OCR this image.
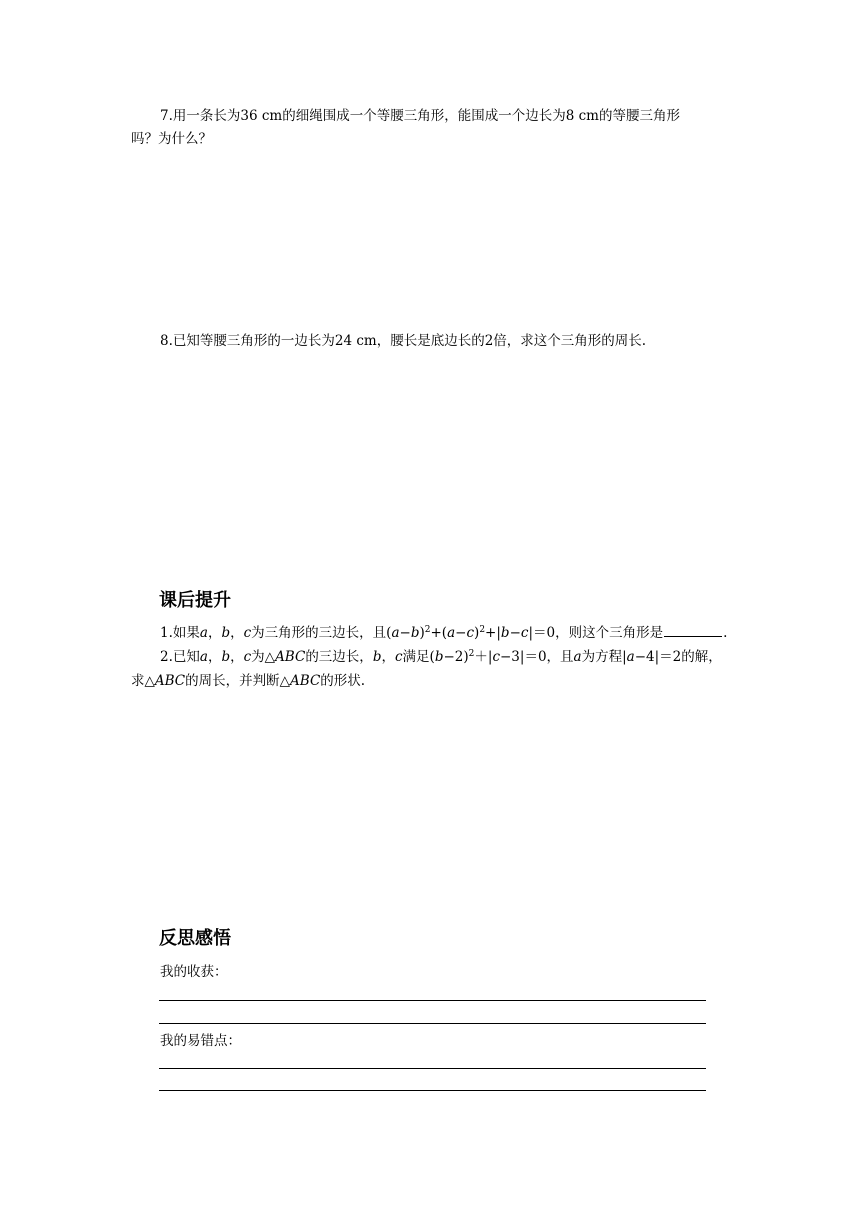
7.用一条长为36 cm的细绳围成一个等腰三角形，能围成一个边长为8 cm的等腰三角形

吗？为什么？

8.已知等腰三角形的一边长为24 cm，腰长是底边长的2倍，求这个三角形的周长.

课后提升

1.如果a，b，c为三角形的三边长，且$(a-b)^2+(a-c)^2+|b-c|=0$，则这个三角形是	.

2.已知a，b，c为△ABC的三边长，b，c满足$(b-2)^2+|c-3|=0$，且a为方程|a−4|＝2的解，

求△ABC的周长，并判断△ABC的形状.

反思感悟

我的收获：

我的易错点：
